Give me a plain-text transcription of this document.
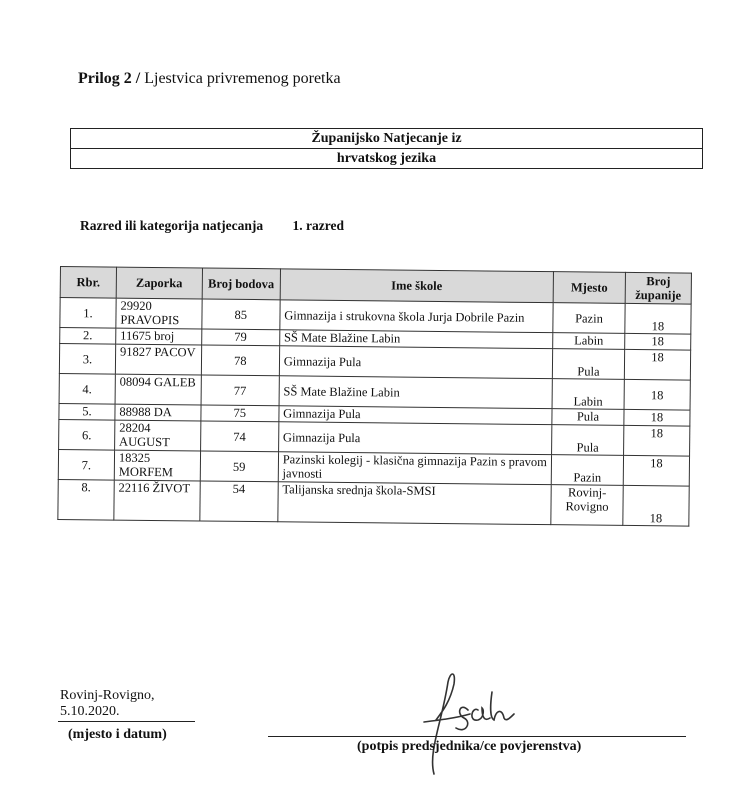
Prilog 2 / Ljestvica privremenog poretka
Županijsko Natjecanje iz
hrvatskog jezika
Razred ili kategorija natjecanja 1. razred
Rbr.	Zaporka	Broj bodova	Ime škole	Mjesto	Broj županije
1.	29920 PRAVOPIS	85	Gimnazija i strukovna škola Jurja Dobrile Pazin	Pazin	18
2.	11675 broj	79	SŠ Mate Blažine Labin	Labin	18
3.	91827 PACOV	78	Gimnazija Pula	Pula	18
4.	08094 GALEB	77	SŠ Mate Blažine Labin	Labin	18
5.	88988 DA	75	Gimnazija Pula	Pula	18
6.	28204 AUGUST	74	Gimnazija Pula	Pula	18
7.	18325 MORFEM	59	Pazinski kolegij - klasična gimnazija Pazin s pravom javnosti	Pazin	18
8.	22116 ŽIVOT	54	Talijanska srednja škola-SMSI	Rovinj-Rovigno	18
Rovinj-Rovigno,
5.10.2020.
(mjesto i datum)
(potpis predsjednika/ce povjerenstva)
